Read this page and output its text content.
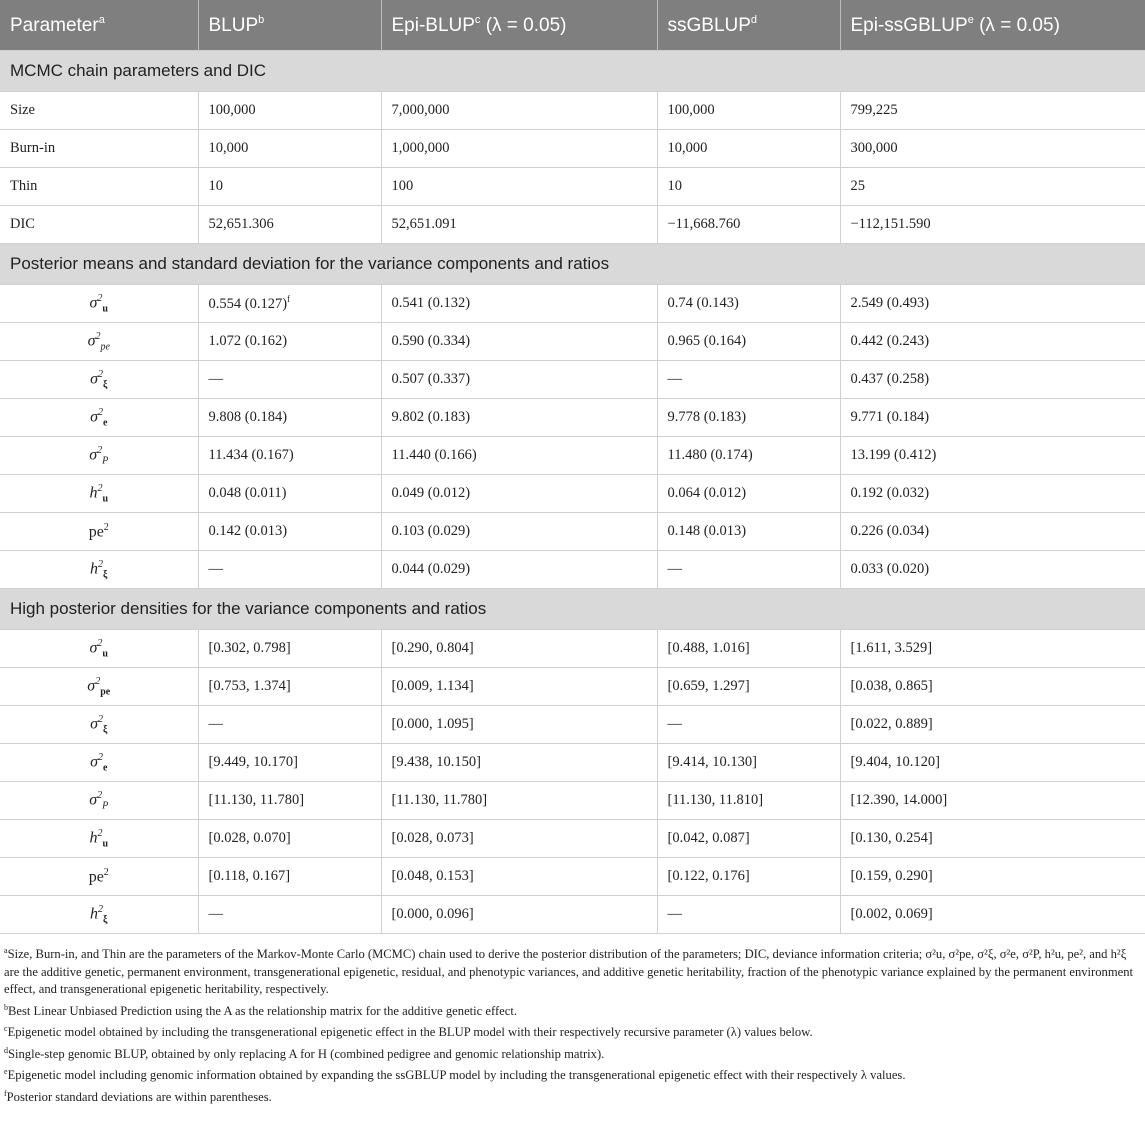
Parameter$^a$	BLUP$^b$	Epi-BLUP$^c$ (λ = 0.05)	ssGBLUP$^d$	Epi-ssGBLUP$^e$ (λ = 0.05)
MCMC chain parameters and DIC				
Size	100,000	7,000,000	100,000	799,225
Burn-in	10,000	1,000,000	10,000	300,000
Thin	10	100	10	25
DIC	52,651.306	52,651.091	−11,668.760	−112,151.590
Posterior means and standard deviation for the variance components and ratios				
$\sigma^2_u$	0.554 $(0.127)^f$	0.541 (0.132)	0.74 (0.143)	2.549 (0.493)
$\sigma^2_{pe}$	1.072 (0.162)	0.590 (0.334)	0.965 (0.164)	0.442 (0.243)
$\sigma^2_\xi$	—	0.507 (0.337)	—	0.437 (0.258)
$\sigma^2_e$	9.808 (0.184)	9.802 (0.183)	9.778 (0.183)	9.771 (0.184)
$\sigma^2_P$	11.434 (0.167)	11.440 (0.166)	11.480 (0.174)	13.199 (0.412)
$h^2_u$	0.048 (0.011)	0.049 (0.012)	0.064 (0.012)	0.192 (0.032)
$pe^2$	0.142 (0.013)	0.103 (0.029)	0.148 (0.013)	0.226 (0.034)
$h^2_\xi$	—	0.044 (0.029)	—	0.033 (0.020)
High posterior densities for the variance components and ratios				
$\sigma^2_u$	[0.302, 0.798]	[0.290, 0.804]	[0.488, 1.016]	[1.611, 3.529]
$\sigma^2_{pe}$	[0.753, 1.374]	[0.009, 1.134]	[0.659, 1.297]	[0.038, 0.865]
$\sigma^2_\xi$	—	[0.000, 1.095]	—	[0.022, 0.889]
$\sigma^2_e$	[9.449, 10.170]	[9.438, 10.150]	[9.414, 10.130]	[9.404, 10.120]
$\sigma^2_P$	[11.130, 11.780]	[11.130, 11.780]	[11.130, 11.810]	[12.390, 14.000]
$h^2_u$	[0.028, 0.070]	[0.028, 0.073]	[0.042, 0.087]	[0.130, 0.254]
$pe^2$	[0.118, 0.167]	[0.048, 0.153]	[0.122, 0.176]	[0.159, 0.290]
$h^2_\xi$	—	[0.000, 0.096]	—	[0.002, 0.069]
$^a$Size, Burn-in, and Thin are the parameters of the Markov-Monte Carlo (MCMC) chain used to derive the posterior distribution of the parameters; DIC, deviance information criteria; σ²u, σ²pe, σ²ξ, σ²e, σ²P, h²u, pe², and h²ξ are the additive genetic, permanent environment, transgenerational epigenetic, residual, and phenotypic variances, and additive genetic heritability, fraction of the phenotypic variance explained by the permanent environment effect, and transgenerational epigenetic heritability, respectively.
$^b$Best Linear Unbiased Prediction using the A as the relationship matrix for the additive genetic effect.
$^c$Epigenetic model obtained by including the transgenerational epigenetic effect in the BLUP model with their respectively recursive parameter (λ) values below.
$^d$Single-step genomic BLUP, obtained by only replacing A for H (combined pedigree and genomic relationship matrix).
$^e$Epigenetic model including genomic information obtained by expanding the ssGBLUP model by including the transgenerational epigenetic effect with their respectively λ values.
$^f$Posterior standard deviations are within parentheses.
